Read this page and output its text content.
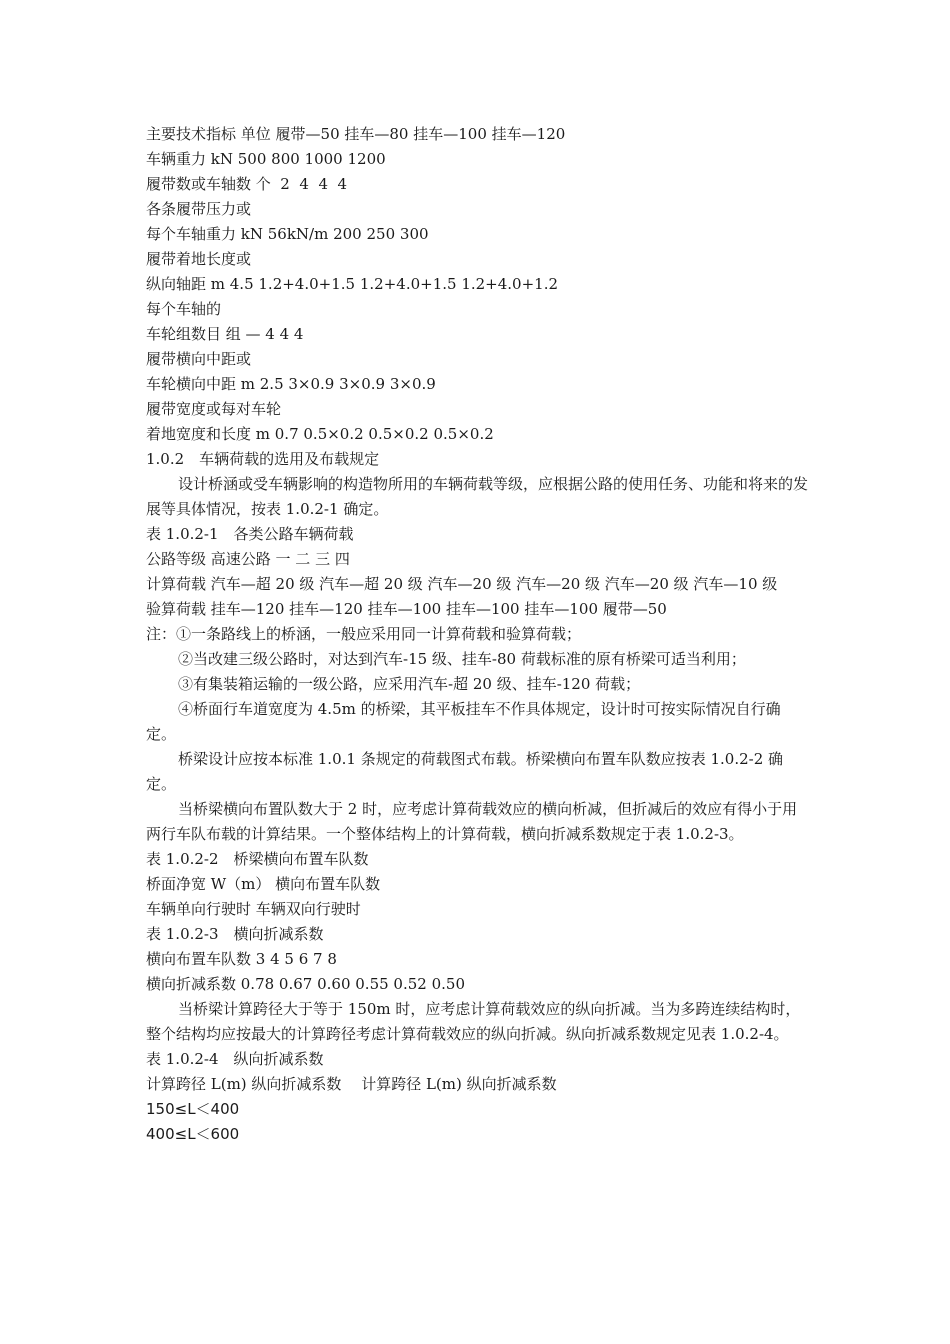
主要技术指标 单位 履带—50 挂车—80 挂车—100 挂车—120
车辆重力 kN 500 800 1000 1200
履带数或车轴数 个  2  4  4  4
各条履带压力或
每个车轴重力 kN 56kN/m 200 250 300
履带着地长度或
纵向轴距 m 4.5 1.2+4.0+1.5 1.2+4.0+1.5 1.2+4.0+1.2
每个车轴的
车轮组数目 组 — 4 4 4
履带横向中距或
车轮横向中距 m 2.5 3×0.9 3×0.9 3×0.9
履带宽度或每对车轮
着地宽度和长度 m 0.7 0.5×0.2 0.5×0.2 0.5×0.2
1.0.2　车辆荷载的选用及布载规定
设计桥涵或受车辆影响的构造物所用的车辆荷载等级，应根据公路的使用任务、功能和将来的发展等具体情况，按表 1.0.2-1 确定。
表 1.0.2-1　各类公路车辆荷载
公路等级 高速公路 一 二 三 四
计算荷载 汽车—超 20 级 汽车—超 20 级 汽车—20 级 汽车—20 级 汽车—20 级 汽车—10 级
验算荷载 挂车—120 挂车—120 挂车—100 挂车—100 挂车—100 履带—50
注：①一条路线上的桥涵，一般应采用同一计算荷载和验算荷载；
②当改建三级公路时，对达到汽车-15 级、挂车-80 荷载标准的原有桥梁可适当利用；
③有集装箱运输的一级公路，应采用汽车-超 20 级、挂车-120 荷载；
④桥面行车道宽度为 4.5m 的桥梁，其平板挂车不作具体规定，设计时可按实际情况自行确定。
桥梁设计应按本标准 1.0.1 条规定的荷载图式布载。桥梁横向布置车队数应按表 1.0.2-2 确定。
当桥梁横向布置队数大于 2 时，应考虑计算荷载效应的横向析减，但折减后的效应有得小于用两行车队布载的计算结果。一个整体结构上的计算荷载，横向折减系数规定于表 1.0.2-3。
表 1.0.2-2　桥梁横向布置车队数
桥面净宽 W（m） 横向布置车队数
车辆单向行驶时 车辆双向行驶时
表 1.0.2-3　横向折减系数
横向布置车队数 3 4 5 6 7 8
横向折减系数 0.78 0.67 0.60 0.55 0.52 0.50
当桥梁计算跨径大于等于 150m 时，应考虑计算荷载效应的纵向折减。当为多跨连续结构时，整个结构均应按最大的计算跨径考虑计算荷载效应的纵向折减。纵向折减系数规定见表 1.0.2-4。
表 1.0.2-4　纵向折减系数
计算跨径 L(m) 纵向折减系数　 计算跨径 L(m) 纵向折减系数
150≤L＜400
400≤L＜600
